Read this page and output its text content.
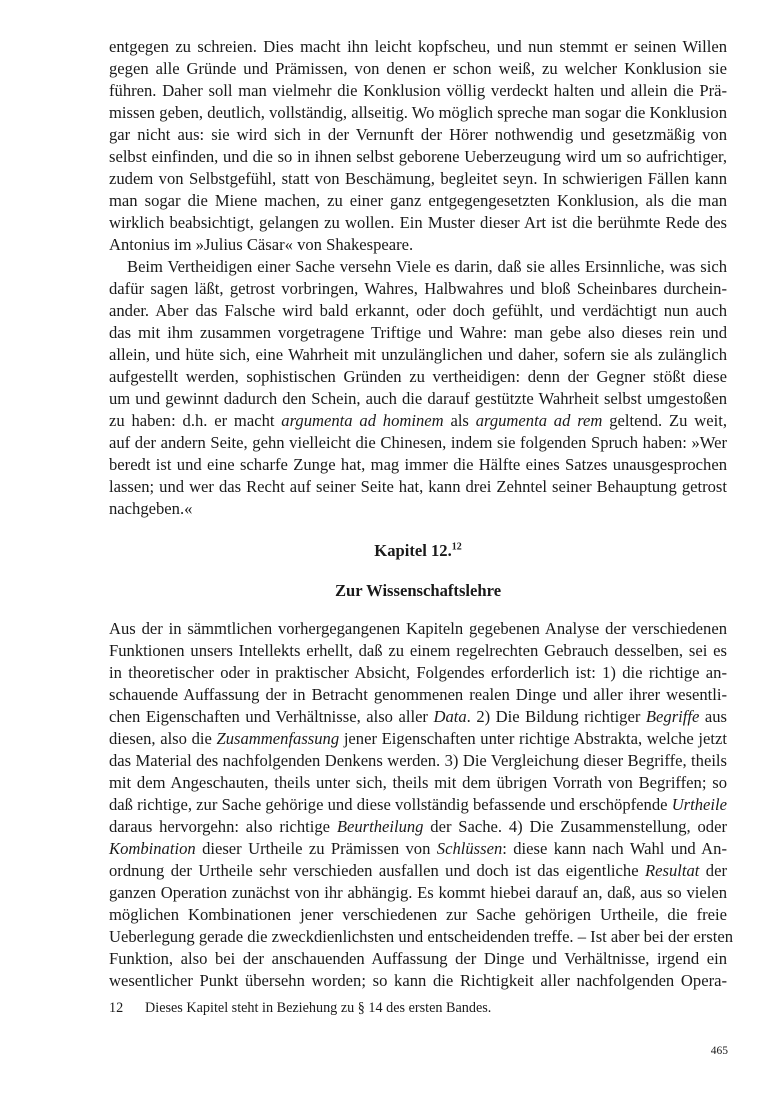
entgegen zu schreien. Dies macht ihn leicht kopfscheu, und nun stemmt er seinen Willen
gegen alle Gründe und Prämissen, von denen er schon weiß, zu welcher Konklusion sie
führen. Daher soll man vielmehr die Konklusion völlig verdeckt halten und allein die Prä-
missen geben, deutlich, vollständig, allseitig. Wo möglich spreche man sogar die Konklusion
gar nicht aus: sie wird sich in der Vernunft der Hörer nothwendig und gesetzmäßig von
selbst einfinden, und die so in ihnen selbst geborene Ueberzeugung wird um so aufrichtiger,
zudem von Selbstgefühl, statt von Beschämung, begleitet seyn. In schwierigen Fällen kann
man sogar die Miene machen, zu einer ganz entgegengesetzten Konklusion, als die man
wirklich beabsichtigt, gelangen zu wollen. Ein Muster dieser Art ist die berühmte Rede des
Antonius im »Julius Cäsar« von Shakespeare.
Beim Vertheidigen einer Sache versehn Viele es darin, daß sie alles Ersinnliche, was sich
dafür sagen läßt, getrost vorbringen, Wahres, Halbwahres und bloß Scheinbares durchein-
ander. Aber das Falsche wird bald erkannt, oder doch gefühlt, und verdächtigt nun auch
das mit ihm zusammen vorgetragene Triftige und Wahre: man gebe also dieses rein und
allein, und hüte sich, eine Wahrheit mit unzulänglichen und daher, sofern sie als zulänglich
aufgestellt werden, sophistischen Gründen zu vertheidigen: denn der Gegner stößt diese
um und gewinnt dadurch den Schein, auch die darauf gestützte Wahrheit selbst umgestoßen
zu haben: d.h. er macht argumenta ad hominem als argumenta ad rem geltend. Zu weit,
auf der andern Seite, gehn vielleicht die Chinesen, indem sie folgenden Spruch haben: »Wer
beredt ist und eine scharfe Zunge hat, mag immer die Hälfte eines Satzes unausgesprochen
lassen; und wer das Recht auf seiner Seite hat, kann drei Zehntel seiner Behauptung getrost
nachgeben.«
Kapitel 12.12
Zur Wissenschaftslehre
Aus der in sämmtlichen vorhergegangenen Kapiteln gegebenen Analyse der verschiedenen
Funktionen unsers Intellekts erhellt, daß zu einem regelrechten Gebrauch desselben, sei es
in theoretischer oder in praktischer Absicht, Folgendes erforderlich ist: 1) die richtige an-
schauende Auffassung der in Betracht genommenen realen Dinge und aller ihrer wesentli-
chen Eigenschaften und Verhältnisse, also aller Data. 2) Die Bildung richtiger Begriffe aus
diesen, also die Zusammenfassung jener Eigenschaften unter richtige Abstrakta, welche jetzt
das Material des nachfolgenden Denkens werden. 3) Die Vergleichung dieser Begriffe, theils
mit dem Angeschauten, theils unter sich, theils mit dem übrigen Vorrath von Begriffen; so
daß richtige, zur Sache gehörige und diese vollständig befassende und erschöpfende Urtheile
daraus hervorgehn: also richtige Beurtheilung der Sache. 4) Die Zusammenstellung, oder
Kombination dieser Urtheile zu Prämissen von Schlüssen: diese kann nach Wahl und An-
ordnung der Urtheile sehr verschieden ausfallen und doch ist das eigentliche Resultat der
ganzen Operation zunächst von ihr abhängig. Es kommt hiebei darauf an, daß, aus so vielen
möglichen Kombinationen jener verschiedenen zur Sache gehörigen Urtheile, die freie
Ueberlegung gerade die zweckdienlichsten und entscheidenden treffe. – Ist aber bei der ersten
Funktion, also bei der anschauenden Auffassung der Dinge und Verhältnisse, irgend ein
wesentlicher Punkt übersehn worden; so kann die Richtigkeit aller nachfolgenden Opera-
12 Dieses Kapitel steht in Beziehung zu § 14 des ersten Bandes.
465
